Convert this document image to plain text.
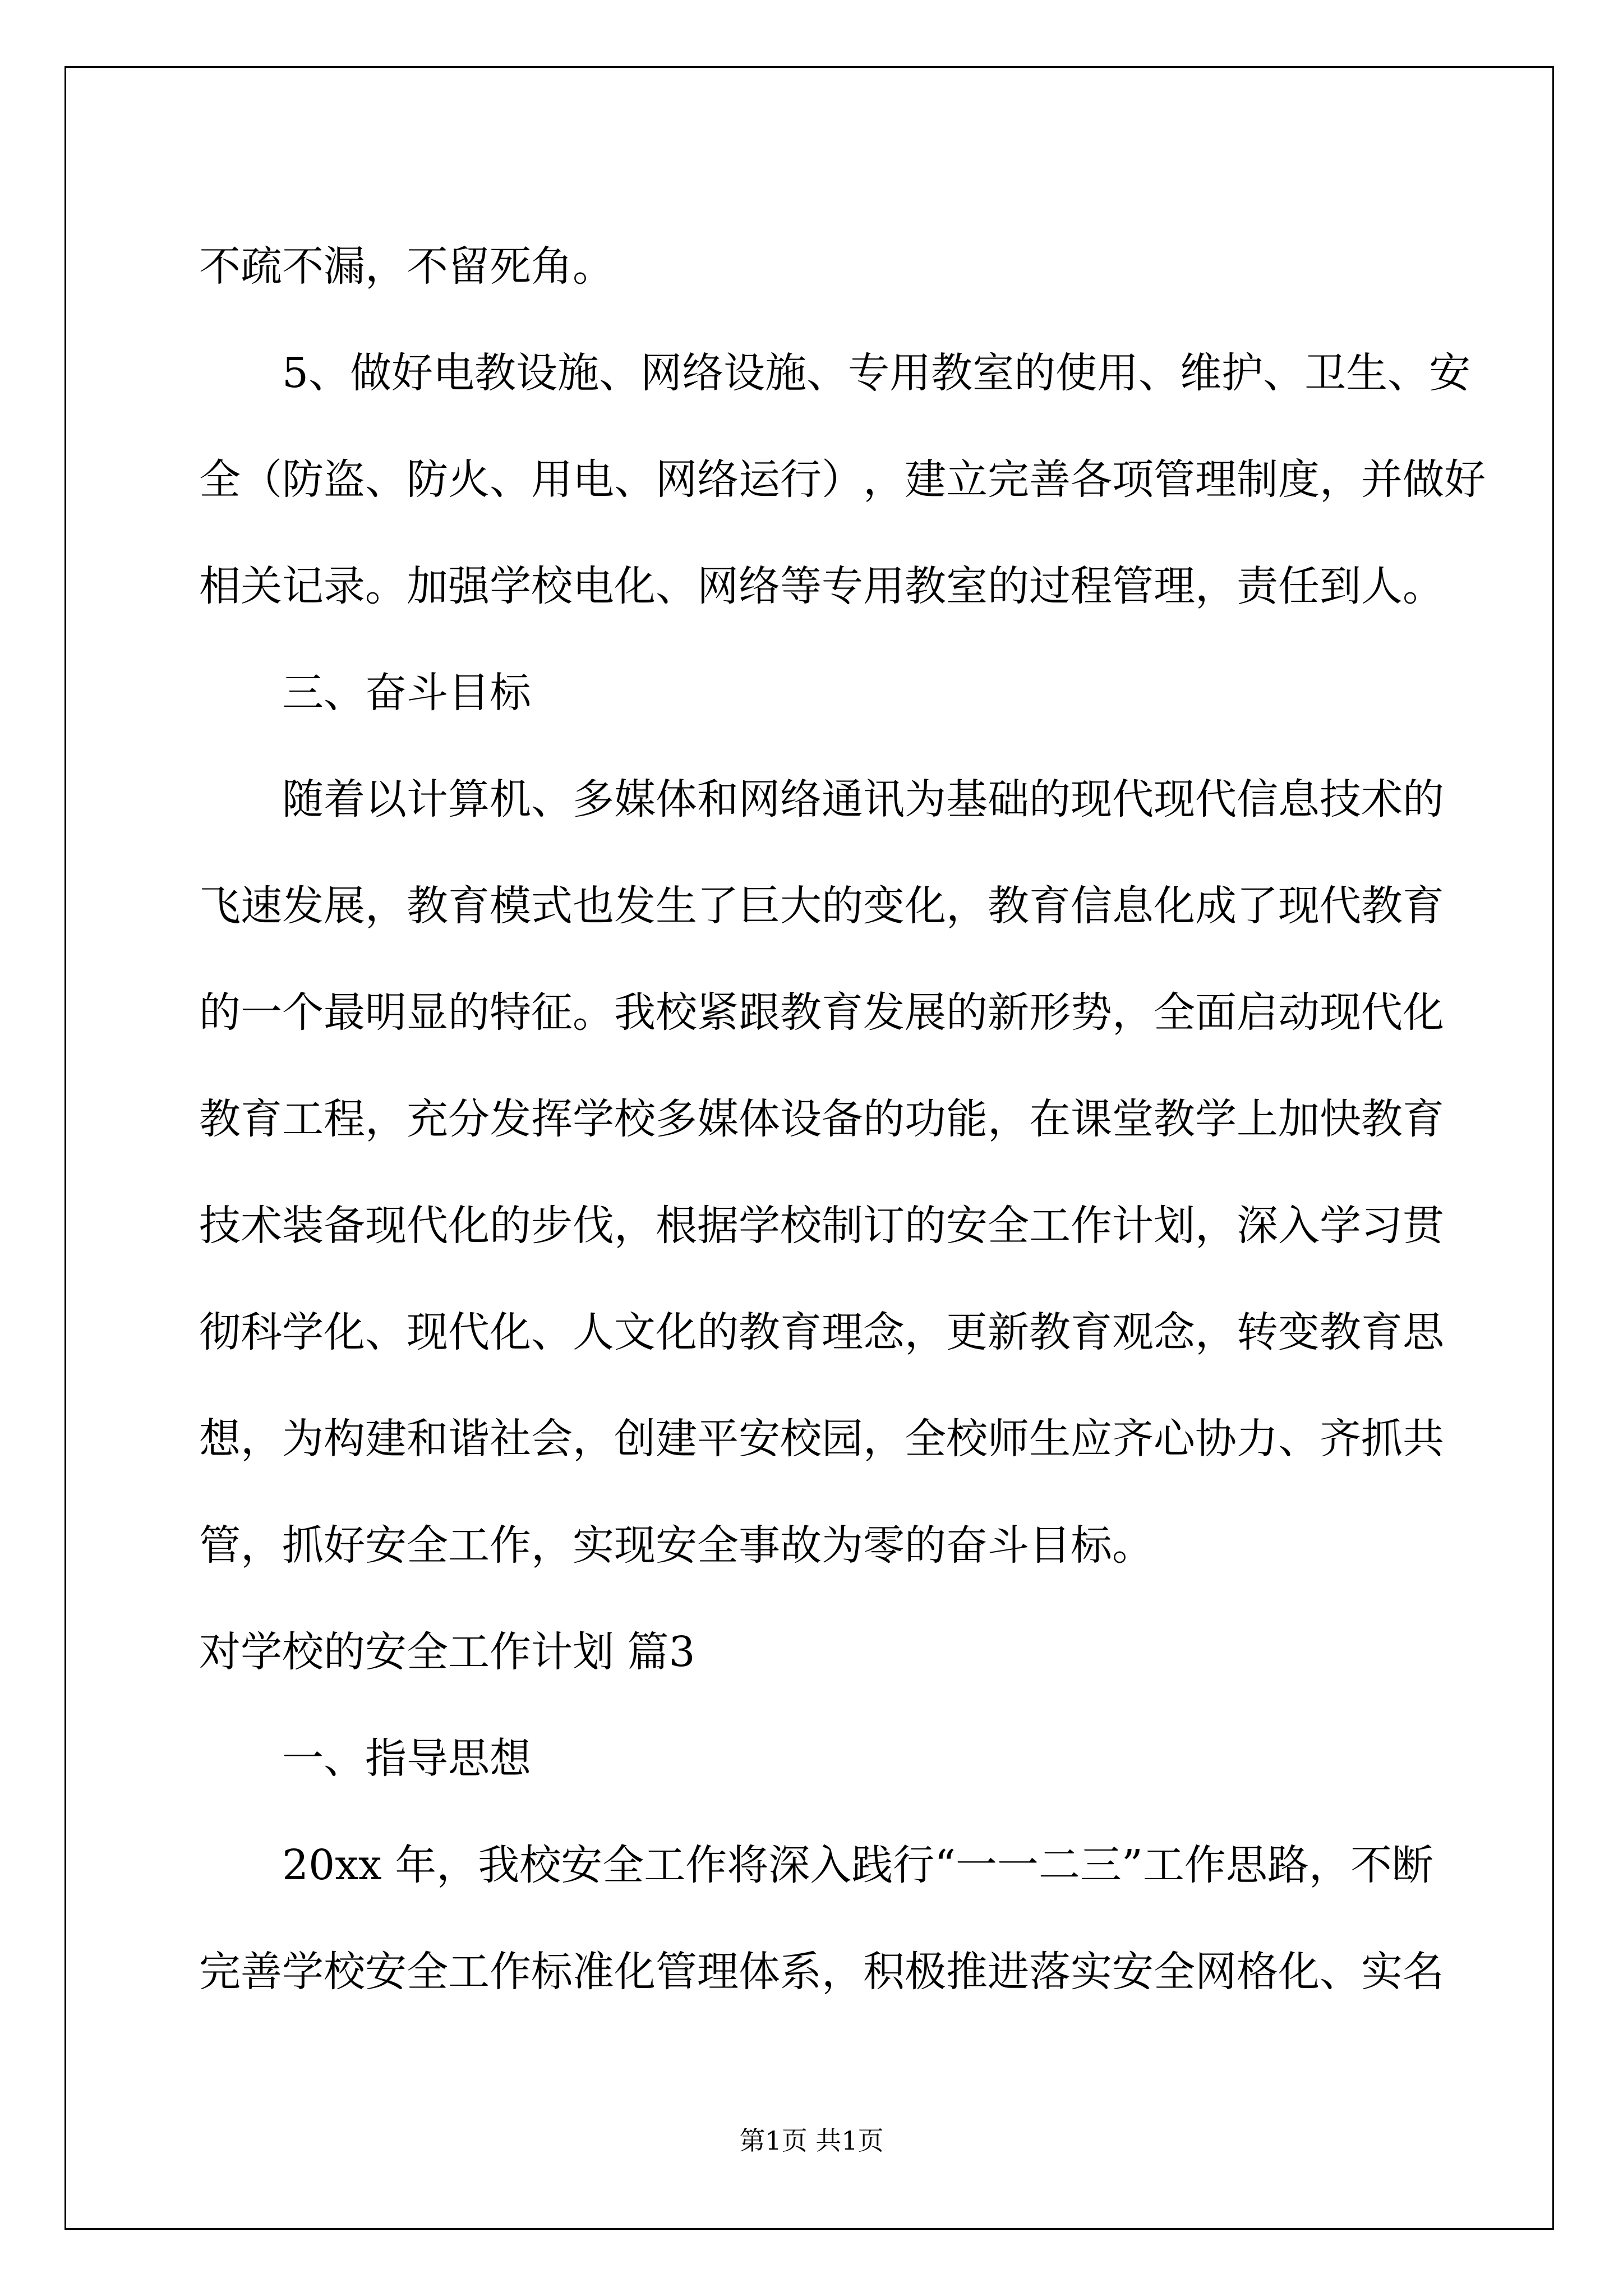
不疏不漏，不留死角。
5 、 做 好 电 教 设 施 、 网 络 设 施 、 专 用 教 室 的 使 用 、 维 护 、 卫 生 、 安
全 （ 防 盗 、 防 火 、 用 电 、 网 络 运 行 ） ， 建 立 完 善 各 项 管 理 制 度 ， 并 做 好
相 关 记 录 。 加 强 学 校 电 化 、 网 络 等 专 用 教 室 的 过 程 管 理 ， 责 任 到 人 。
三、奋斗目标
随 着 以 计 算 机 、 多 媒 体 和 网 络 通 讯 为 基 础 的 现 代 现 代 信 息 技 术 的
飞 速 发 展 ， 教 育 模 式 也 发 生 了 巨 大 的 变 化 ， 教 育 信 息 化 成 了 现 代 教 育
的 一 个 最 明 显 的 特 征 。 我 校 紧 跟 教 育 发 展 的 新 形 势 ， 全 面 启 动 现 代 化
教 育 工 程 ， 充 分 发 挥 学 校 多 媒 体 设 备 的 功 能 ， 在 课 堂 教 学 上 加 快 教 育
技 术 装 备 现 代 化 的 步 伐 ， 根 据 学 校 制 订 的 安 全 工 作 计 划 ， 深 入 学 习 贯
彻 科 学 化 、 现 代 化 、 人 文 化 的 教 育 理 念 ， 更 新 教 育 观 念 ， 转 变 教 育 思
想 ， 为 构 建 和 谐 社 会 ， 创 建 平 安 校 园 ， 全 校 师 生 应 齐 心 协 力 、 齐 抓 共
管，抓好安全工作，实现安全事故为零的奋斗目标。
对学校的安全工作计划 篇3
一、指导思想
2 0 x x
年 ， 我 校 安 全 工 作 将 深 入 践 行 “ 一 一 二 三 ” 工 作 思 路 ， 不 断
完 善 学 校 安 全 工 作 标 准 化 管 理 体 系 ， 积 极 推 进 落 实 安 全 网 格 化 、 实 名
第1页 共1页
